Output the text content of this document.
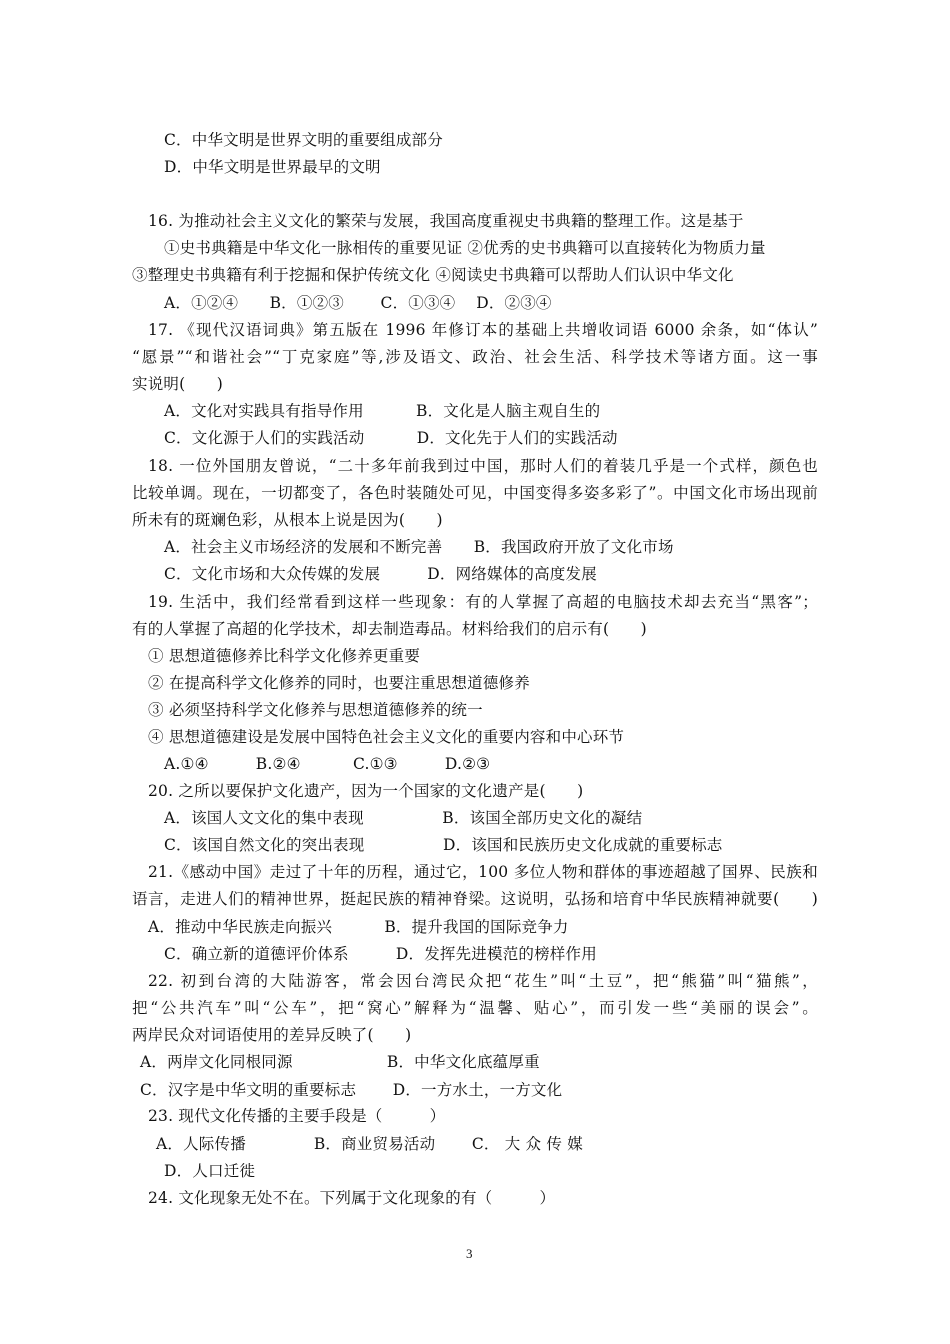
C．中华文明是世界文明的重要组成部分
D．中华文明是世界最早的文明
16. 为推动社会主义文化的繁荣与发展，我国高度重视史书典籍的整理工作。这是基于
①史书典籍是中华文化一脉相传的重要见证 ②优秀的史书典籍可以直接转化为物质力量
③整理史书典籍有利于挖掘和保护传统文化 ④阅读史书典籍可以帮助人们认识中华文化
A．①②④　　B．①②③　　 C．①③④　 D．②③④
17. 《现代汉语词典》第五版在 1996 年修订本的基础上共增收词语 6000 余条，如“体认”
“愿景”“和谐社会”“丁克家庭”等,涉及语文、政治、社会生活、科学技术等诸方面。这一事
实说明(　　)
A．文化对实践具有指导作用　　　 B．文化是人脑主观自生的
C．文化源于人们的实践活动　　　 D．文化先于人们的实践活动
18. 一位外国朋友曾说，“二十多年前我到过中国，那时人们的着装几乎是一个式样，颜色也
比较单调。现在，一切都变了，各色时装随处可见，中国变得多姿多彩了”。中国文化市场出现前
所未有的斑斓色彩，从根本上说是因为(　　)
A．社会主义市场经济的发展和不断完善　　B．我国政府开放了文化市场
C．文化市场和大众传媒的发展　　　D．网络媒体的高度发展
19. 生活中，我们经常看到这样一些现象：有的人掌握了高超的电脑技术却去充当“黑客”；
有的人掌握了高超的化学技术，却去制造毒品。材料给我们的启示有(　　)
① 思想道德修养比科学文化修养更重要
② 在提高科学文化修养的同时，也要注重思想道德修养
③ 必须坚持科学文化修养与思想道德修养的统一
④ 思想道德建设是发展中国特色社会主义文化的重要内容和中心环节
A.①④　　　B.②④　　　 C.①③　　　D.②③
20. 之所以要保护文化遗产，因为一个国家的文化遗产是(　　)
A．该国人文文化的集中表现　　　　　B．该国全部历史文化的凝结
C．该国自然文化的突出表现　　　　　D．该国和民族历史文化成就的重要标志
21.《感动中国》走过了十年的历程，通过它，100 多位人物和群体的事迹超越了国界、民族和
语言，走进人们的精神世界，挺起民族的精神脊梁。这说明，弘扬和培育中华民族精神就要(　　)
A．推动中华民族走向振兴　　　 B．提升我国的国际竞争力
C．确立新的道德评价体系　　　D．发挥先进模范的榜样作用
22. 初到台湾的大陆游客，常会因台湾民众把“花生”叫“土豆”，把“熊猫”叫“猫熊”，
把“公共汽车”叫“公车”，把“窝心”解释为“温馨、贴心”，而引发一些“美丽的误会”。
两岸民众对词语使用的差异反映了(　　)
A．两岸文化同根同源　　　　　　B．中华文化底蕴厚重
C．汉字是中华文明的重要标志　　 D．一方水土，一方文化
23. 现代文化传播的主要手段是（　　　）
A．人际传播　　　　 B．商业贸易活动　　 C． 大 众 传 媒
D．人口迁徙
24. 文化现象无处不在。下列属于文化现象的有（　　　）
3
